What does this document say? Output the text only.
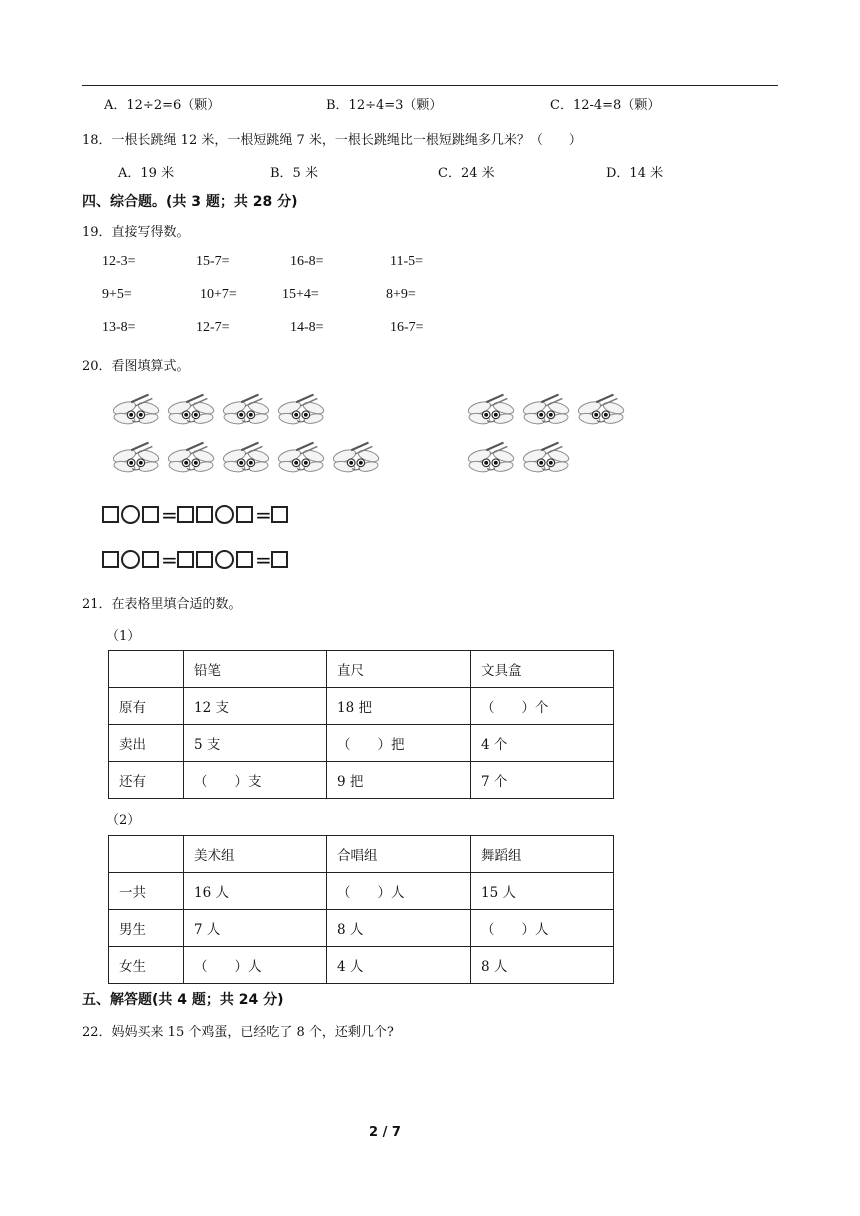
A．12÷2=6（颗）	B．12÷4=3（颗）	C．12-4=8（颗）
18．一根长跳绳 12 米，一根短跳绳 7 米，一根长跳绳比一根短跳绳多几米？（　　）
A．19 米	B．5 米	C．24 米	D．14 米
四、综合题。(共 3 题；共 28 分)
19．直接写得数。
12-3=	15-7=	16-8=	11-5=
9+5=	10+7=	15+4=	8+9=
13-8=	12-7=	14-8=	16-7=
20．看图填算式。
=	=
=	=
21．在表格里填合适的数。
（1）
	铅笔	直尺	文具盒
原有	12 支	18 把	（　　）个
卖出	5 支	（　　）把	4 个
还有	（　　）支	9 把	7 个
（2）
	美术组	合唱组	舞蹈组
一共	16 人	（　　）人	15 人
男生	7 人	8 人	（　　）人
女生	（　　）人	4 人	8 人
五、解答题(共 4 题；共 24 分)
22．妈妈买来 15 个鸡蛋，已经吃了 8 个，还剩几个?
2 / 7
